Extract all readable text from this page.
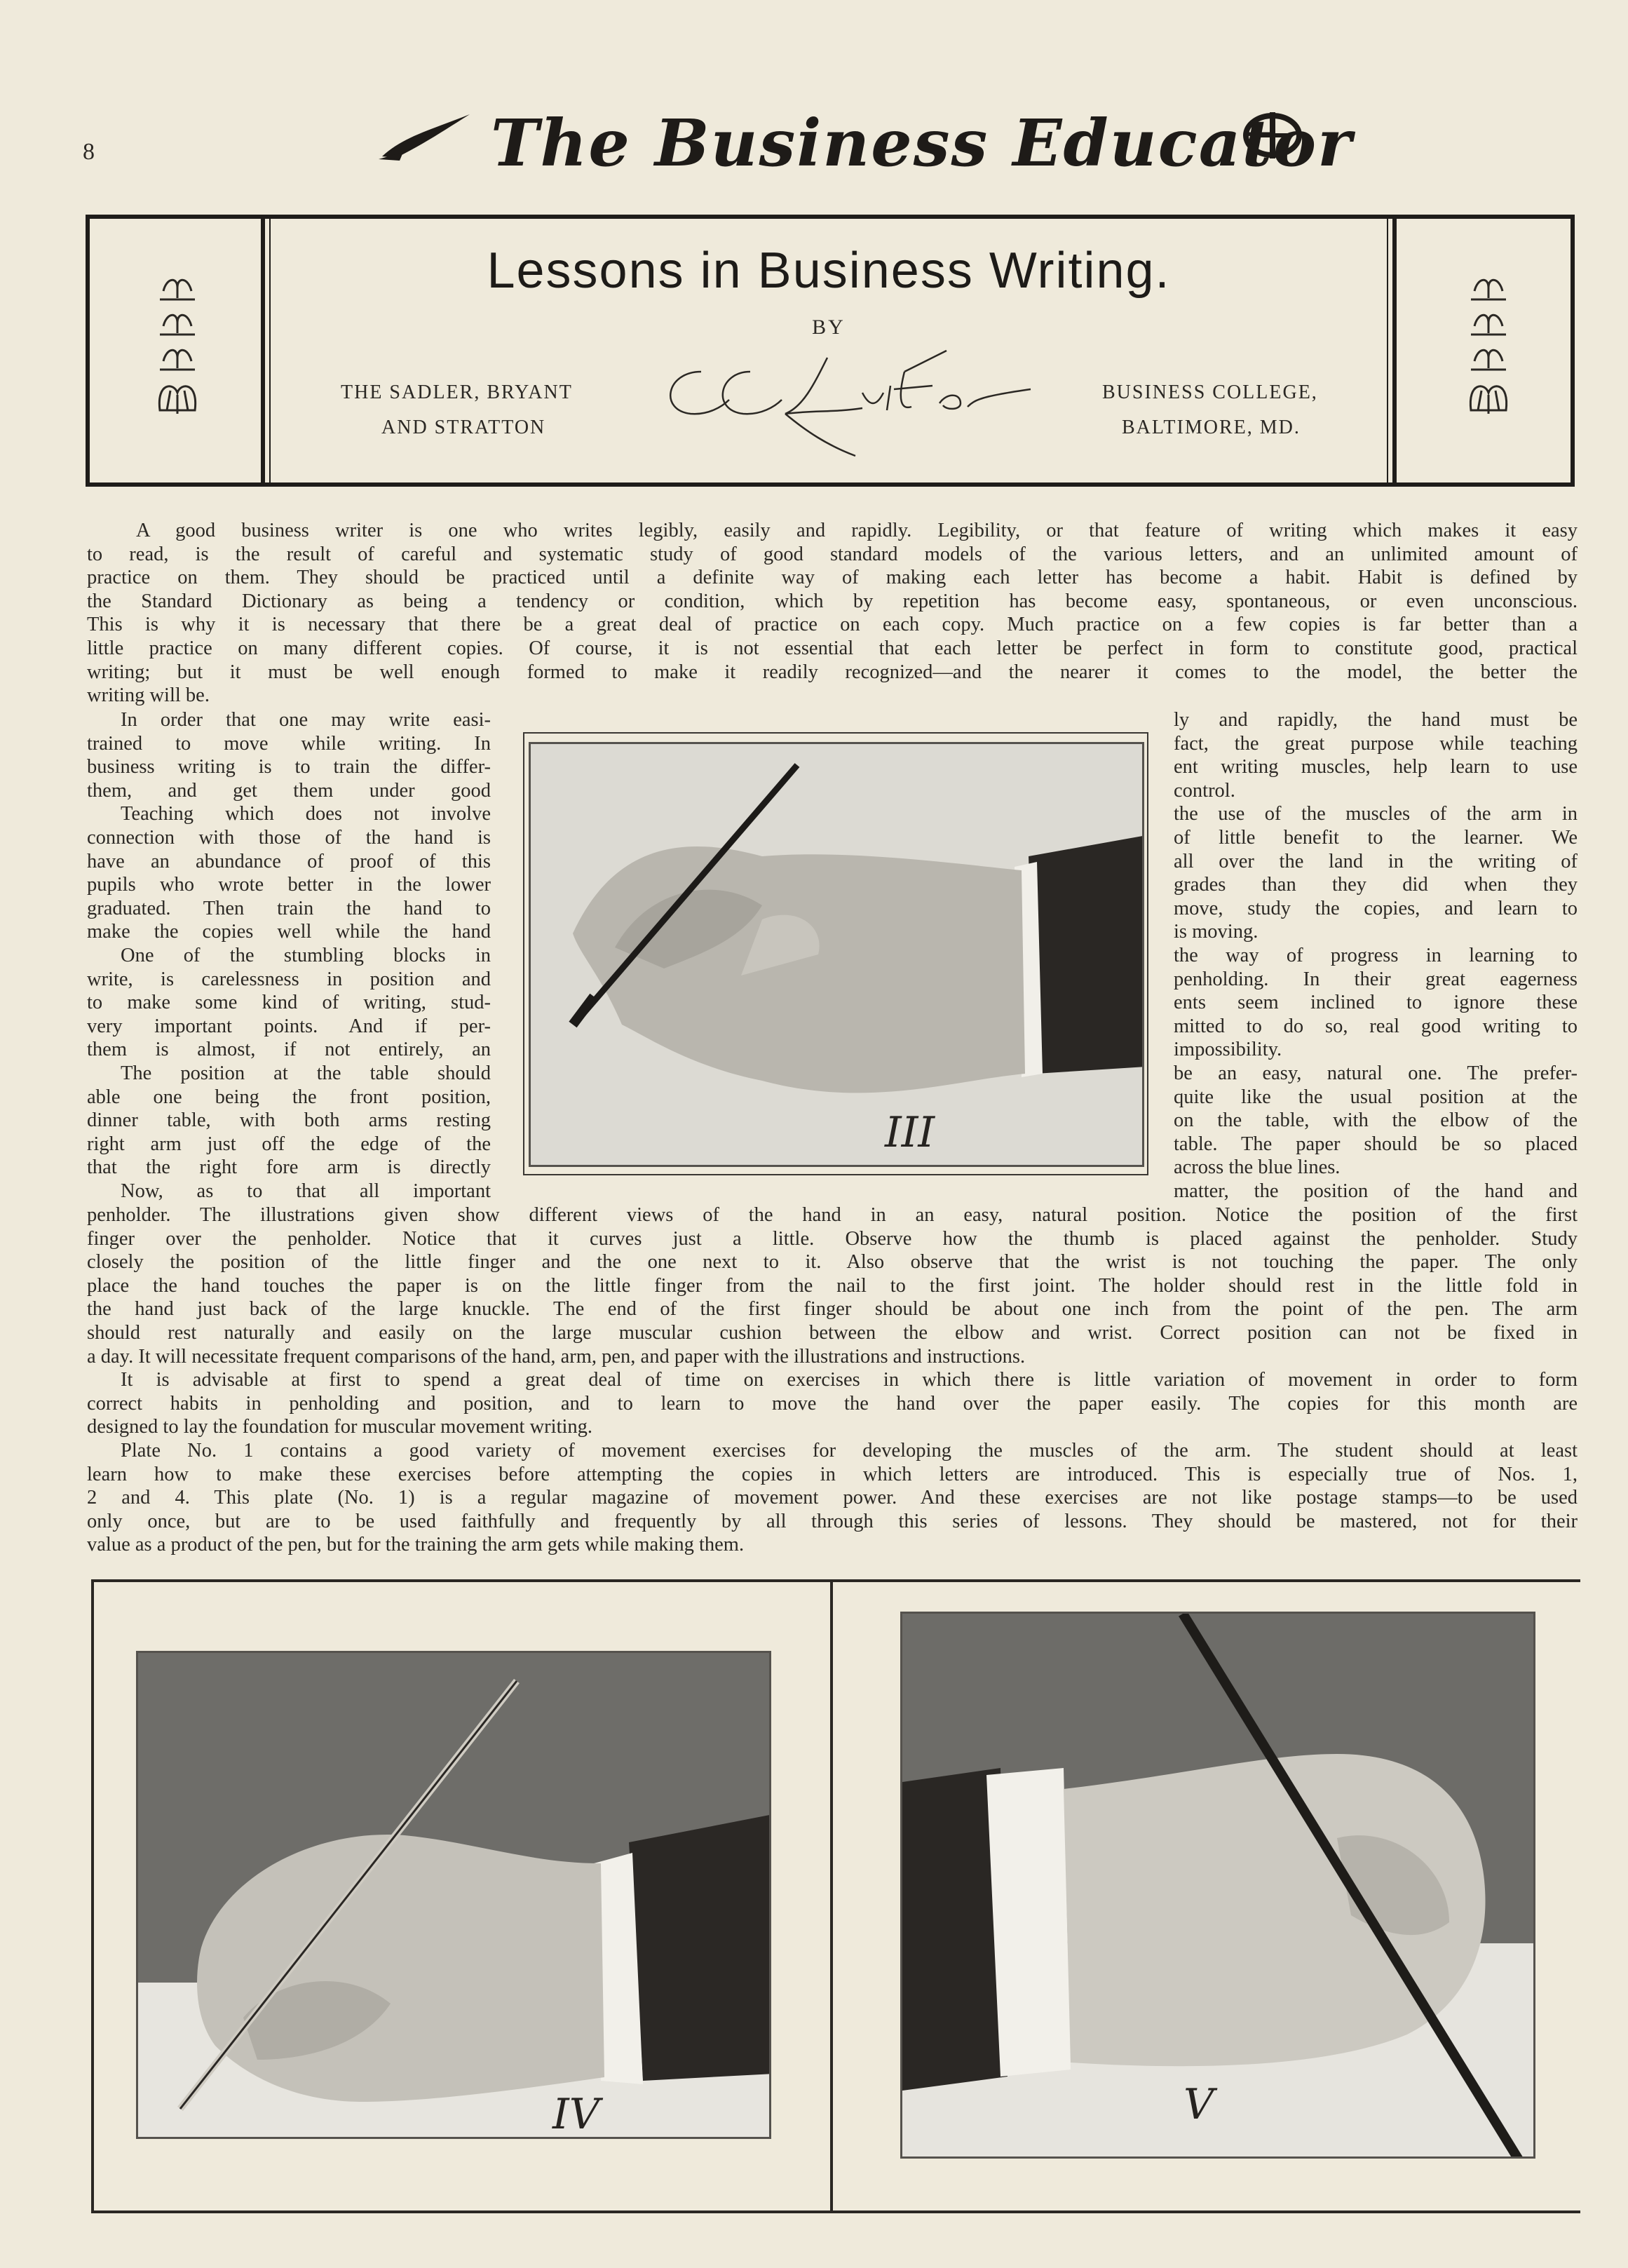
8	The Business Educator
Lessons in Business Writing.
BY
THE SADLER, BRYANT
AND STRATTON
BUSINESS COLLEGE,
BALTIMORE, MD.
A good business writer is one who writes legibly, easily and rapidly. Legibility, or that feature of writing which makes it easy
to read, is the result of careful and systematic study of good standard models of the various letters, and an unlimited amount of
practice on them. They should be practiced until a definite way of making each letter has become a habit. Habit is defined by
the Standard Dictionary as being a tendency or condition, which by repetition has become easy, spontaneous, or even unconscious.
This is why it is necessary that there be a great deal of practice on each copy. Much practice on a few copies is far better than a
little practice on many different copies. Of course, it is not essential that each letter be perfect in form to constitute good, practical
writing; but it must be well enough formed to make it readily recognized—and the nearer it comes to the model, the better the
writing will be.
In order that one may write easi-
trained to move while writing. In
business writing is to train the differ-
them, and get them under good
Teaching which does not involve
connection with those of the hand is
have an abundance of proof of this
pupils who wrote better in the lower
graduated. Then train the hand to
make the copies well while the hand
One of the stumbling blocks in
write, is carelessness in position and
to make some kind of writing, stud-
very important points. And if per-
them is almost, if not entirely, an
The position at the table should
able one being the front position,
dinner table, with both arms resting
right arm just off the edge of the
that the right fore arm is directly
Now, as to that all important
III
ly and rapidly, the hand must be
fact, the great purpose while teaching
ent writing muscles, help learn to use
control.
the use of the muscles of the arm in
of little benefit to the learner. We
all over the land in the writing of
grades than they did when they
move, study the copies, and learn to
is moving.
the way of progress in learning to
penholding. In their great eagerness
ents seem inclined to ignore these
mitted to do so, real good writing to
impossibility.
be an easy, natural one. The prefer-
quite like the usual position at the
on the table, with the elbow of the
table. The paper should be so placed
across the blue lines.
matter, the position of the hand and
penholder. The illustrations given show different views of the hand in an easy, natural position. Notice the position of the first
finger over the penholder. Notice that it curves just a little. Observe how the thumb is placed against the penholder. Study
closely the position of the little finger and the one next to it. Also observe that the wrist is not touching the paper. The only
place the hand touches the paper is on the little finger from the nail to the first joint. The holder should rest in the little fold in
the hand just back of the large knuckle. The end of the first finger should be about one inch from the point of the pen. The arm
should rest naturally and easily on the large muscular cushion between the elbow and wrist. Correct position can not be fixed in
a day. It will necessitate frequent comparisons of the hand, arm, pen, and paper with the illustrations and instructions.
It is advisable at first to spend a great deal of time on exercises in which there is little variation of movement in order to form
correct habits in penholding and position, and to learn to move the hand over the paper easily. The copies for this month are
designed to lay the foundation for muscular movement writing.
Plate No. 1 contains a good variety of movement exercises for developing the muscles of the arm. The student should at least
learn how to make these exercises before attempting the copies in which letters are introduced. This is especially true of Nos. 1,
2 and 4. This plate (No. 1) is a regular magazine of movement power. And these exercises are not like postage stamps—to be used
only once, but are to be used faithfully and frequently by all through this series of lessons. They should be mastered, not for their
value as a product of the pen, but for the training the arm gets while making them.
IV	V
